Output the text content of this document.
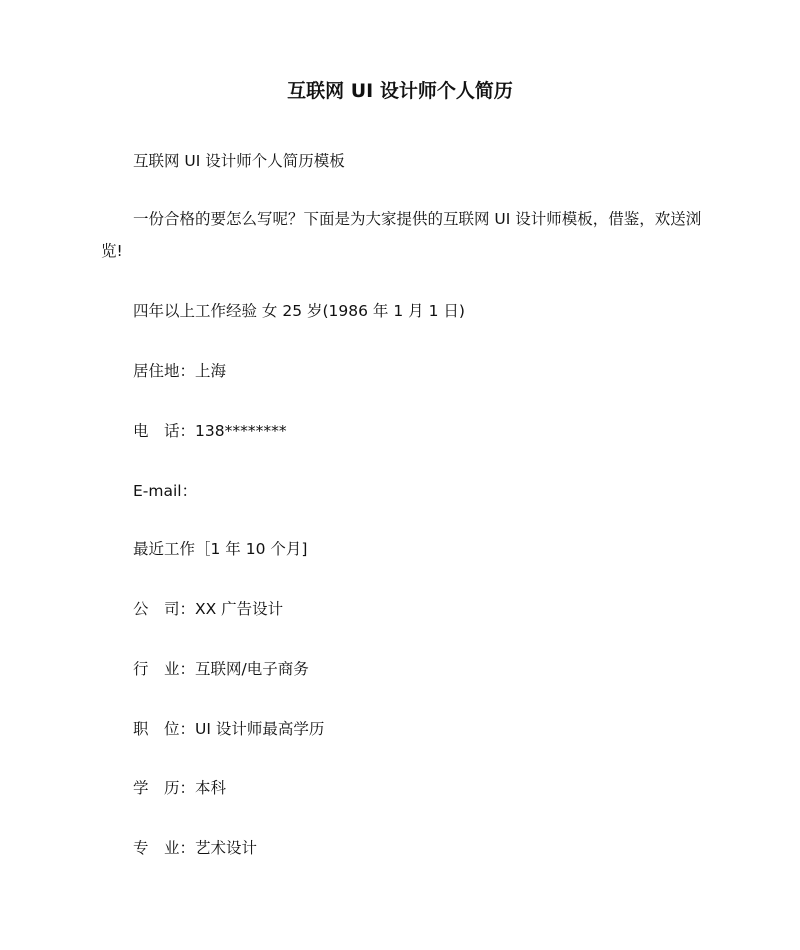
互联网 UI 设计师个人简历
互联网 UI 设计师个人简历模板
一份合格的要怎么写呢？下面是为大家提供的互联网 UI 设计师模板，借鉴，欢送浏览!
四年以上工作经验 女 25 岁(1986 年 1 月 1 日)
居住地：上海
电　话：138********
E-mail：
最近工作［1 年 10 个月]
公　司：XX 广告设计
行　业：互联网/电子商务
职　位：UI 设计师最高学历
学　历：本科
专　业：艺术设计
